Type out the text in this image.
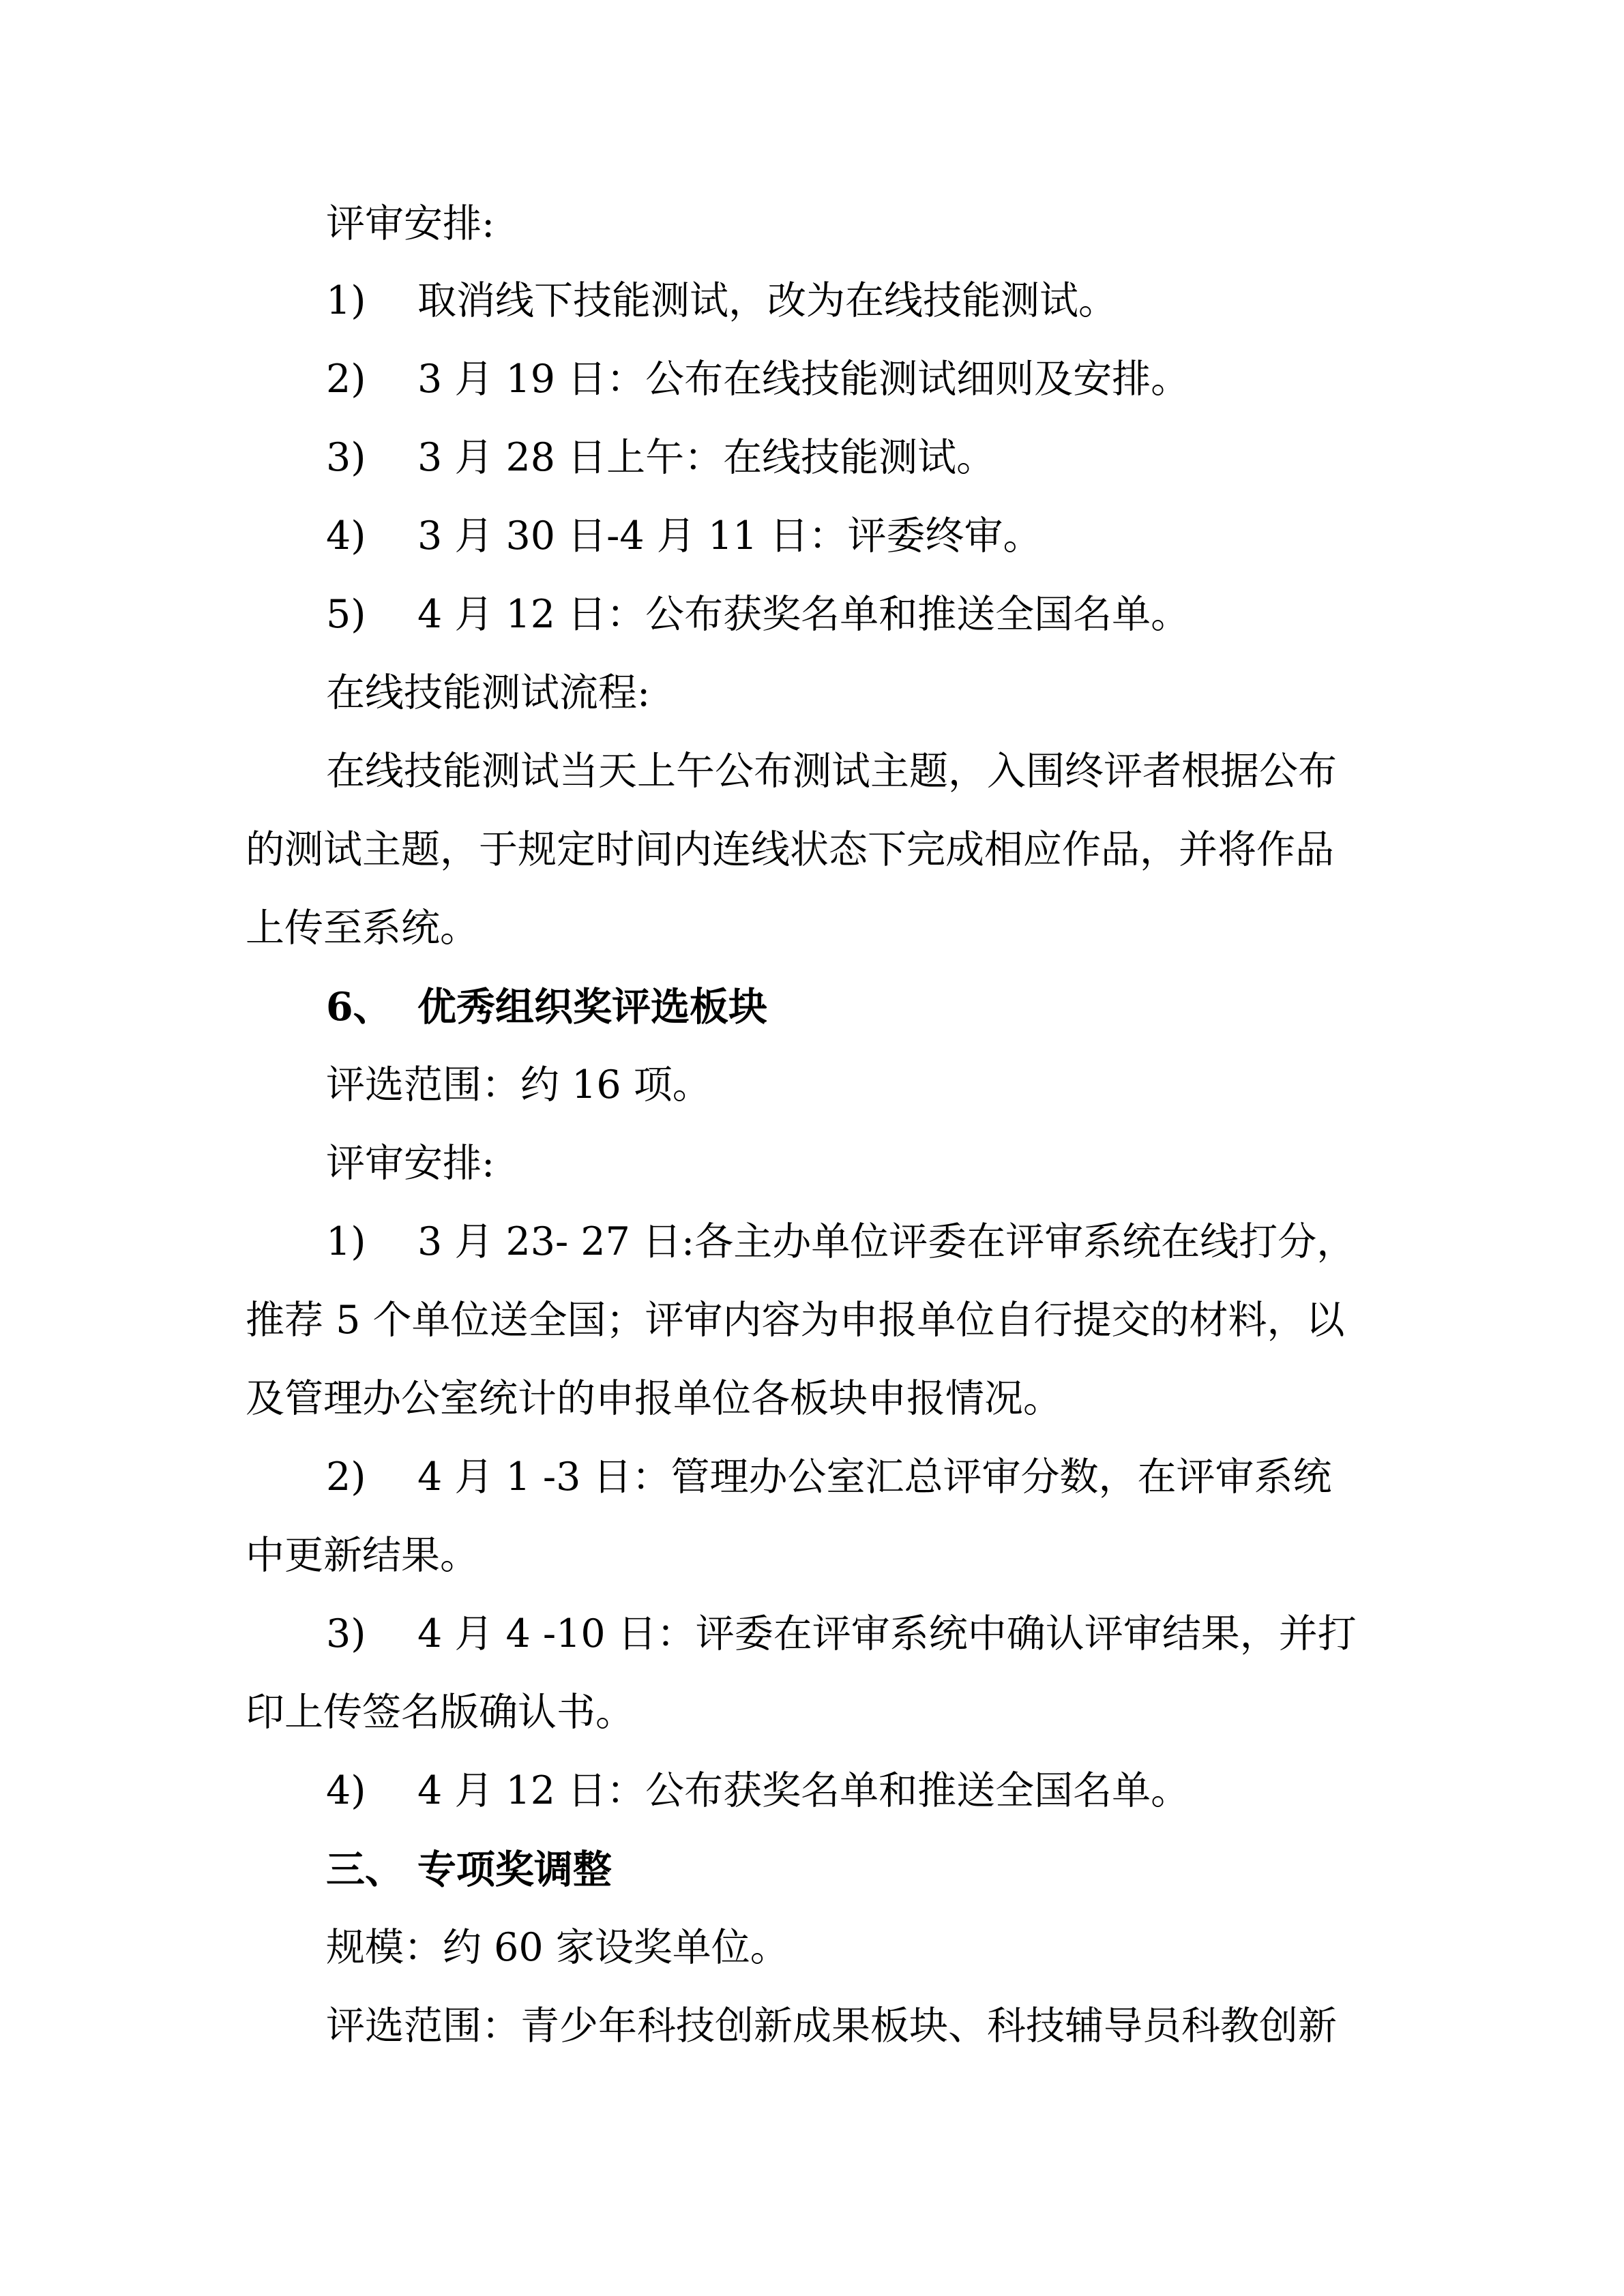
评审安排:
1) 取消线下技能测试，改为在线技能测试。
2) 3 月 19 日：公布在线技能测试细则及安排。
3) 3 月 28 日上午：在线技能测试。
4) 3 月 30 日-4 月 11 日：评委终审。
5) 4 月 12 日：公布获奖名单和推送全国名单。
在线技能测试流程:
在线技能测试当天上午公布测试主题，入围终评者根据公布
的测试主题，于规定时间内连线状态下完成相应作品，并将作品
上传至系统。
6、 优秀组织奖评选板块
评选范围：约 16 项。
评审安排:
1) 3 月 23- 27 日:各主办单位评委在评审系统在线打分，
推荐 5 个单位送全国；评审内容为申报单位自行提交的材料，以
及管理办公室统计的申报单位各板块申报情况。
2) 4 月 1 -3 日：管理办公室汇总评审分数，在评审系统
中更新结果。
3) 4 月 4 -10 日：评委在评审系统中确认评审结果，并打
印上传签名版确认书。
4) 4 月 12 日：公布获奖名单和推送全国名单。
三、 专项奖调整
规模：约 60 家设奖单位。
评选范围：青少年科技创新成果板块、科技辅导员科教创新
